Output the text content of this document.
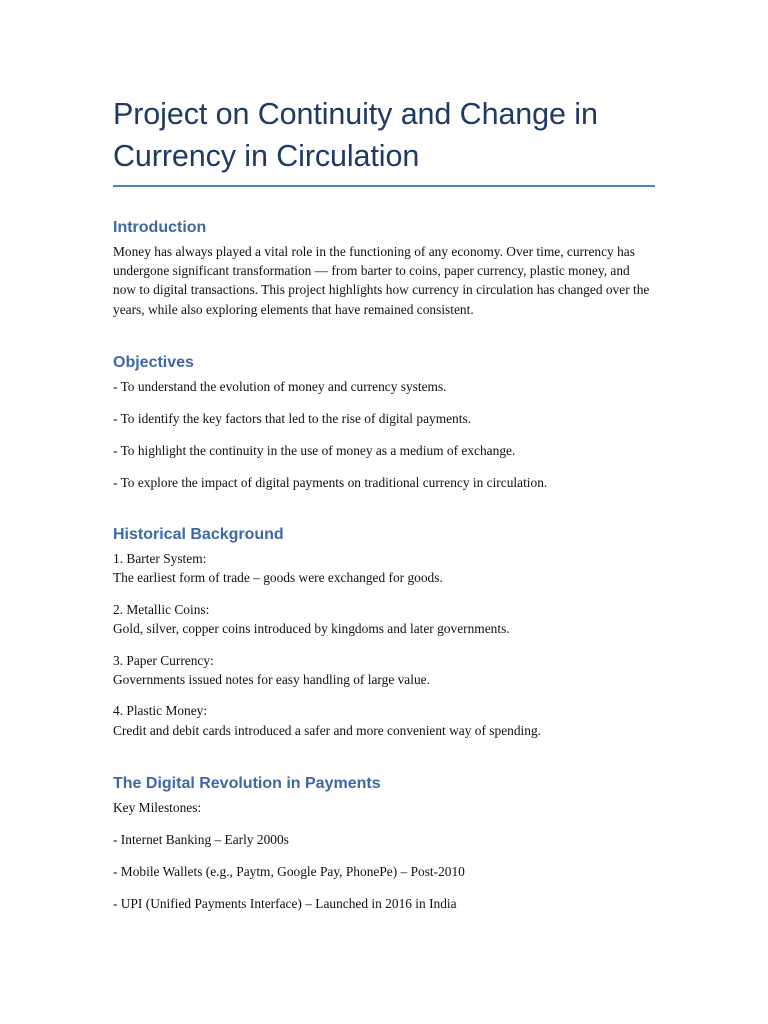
Project on Continuity and Change in Currency in Circulation
Introduction

Money has always played a vital role in the functioning of any economy. Over time, currency has undergone significant transformation — from barter to coins, paper currency, plastic money, and now to digital transactions. This project highlights how currency in circulation has changed over the years, while also exploring elements that have remained consistent.

Objectives

- To understand the evolution of money and currency systems.

- To identify the key factors that led to the rise of digital payments.

- To highlight the continuity in the use of money as a medium of exchange.

- To explore the impact of digital payments on traditional currency in circulation.

Historical Background

1. Barter System:

The earliest form of trade – goods were exchanged for goods.

2. Metallic Coins:

Gold, silver, copper coins introduced by kingdoms and later governments.

3. Paper Currency:

Governments issued notes for easy handling of large value.

4. Plastic Money:

Credit and debit cards introduced a safer and more convenient way of spending.

The Digital Revolution in Payments

Key Milestones:

- Internet Banking – Early 2000s

- Mobile Wallets (e.g., Paytm, Google Pay, PhonePe) – Post-2010

- UPI (Unified Payments Interface) – Launched in 2016 in India
